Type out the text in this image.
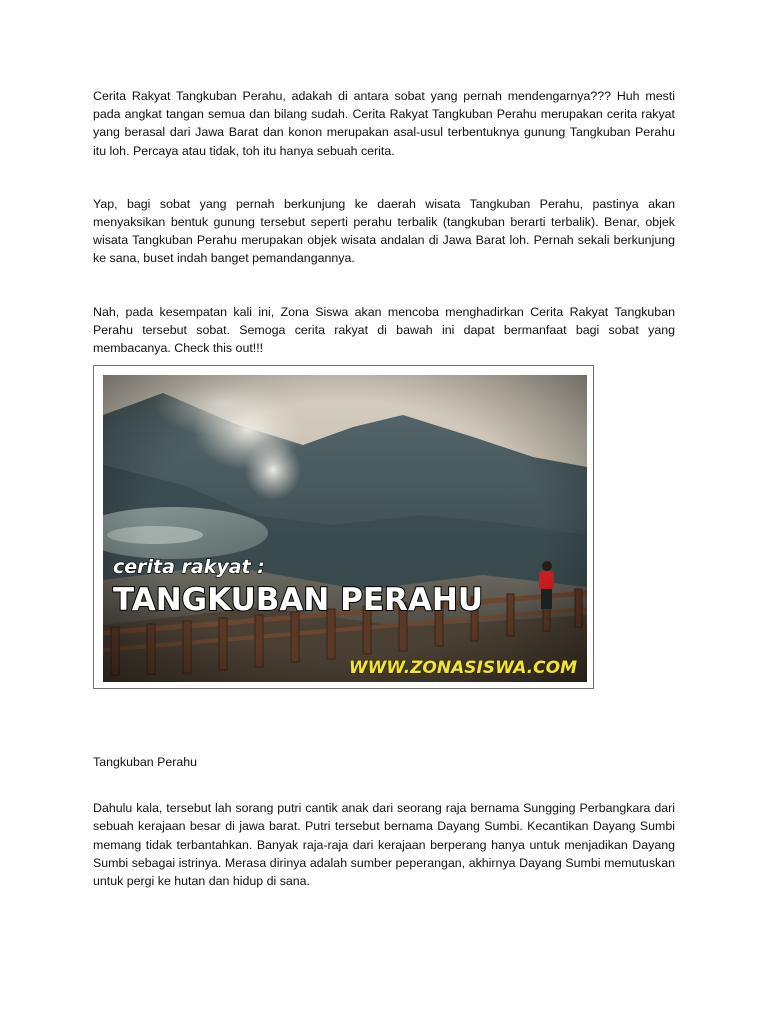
Cerita Rakyat Tangkuban Perahu, adakah di antara sobat yang pernah mendengarnya??? Huh mesti pada angkat tangan semua dan bilang sudah. Cerita Rakyat Tangkuban Perahu merupakan cerita rakyat yang berasal dari Jawa Barat dan konon merupakan asal-usul terbentuknya gunung Tangkuban Perahu itu loh. Percaya atau tidak, toh itu hanya sebuah cerita.

Yap, bagi sobat yang pernah berkunjung ke daerah wisata Tangkuban Perahu, pastinya akan menyaksikan bentuk gunung tersebut seperti perahu terbalik (tangkuban berarti terbalik). Benar, objek wisata Tangkuban Perahu merupakan objek wisata andalan di Jawa Barat loh. Pernah sekali berkunjung ke sana, buset indah banget pemandangannya.

Nah, pada kesempatan kali ini, Zona Siswa akan mencoba menghadirkan Cerita Rakyat Tangkuban Perahu tersebut sobat. Semoga cerita rakyat di bawah ini dapat bermanfaat bagi sobat yang membacanya. Check this out!!!

cerita rakyat :
TANGKUBAN PERAHU
WWW.ZONASISWA.COM

Tangkuban Perahu

Dahulu kala, tersebut lah sorang putri cantik anak dari seorang raja bernama Sungging Perbangkara dari sebuah kerajaan besar di jawa barat. Putri tersebut bernama Dayang Sumbi. Kecantikan Dayang Sumbi memang tidak terbantahkan. Banyak raja-raja dari kerajaan berperang hanya untuk menjadikan Dayang Sumbi sebagai istrinya. Merasa dirinya adalah sumber peperangan, akhirnya Dayang Sumbi memutuskan untuk pergi ke hutan dan hidup di sana.
